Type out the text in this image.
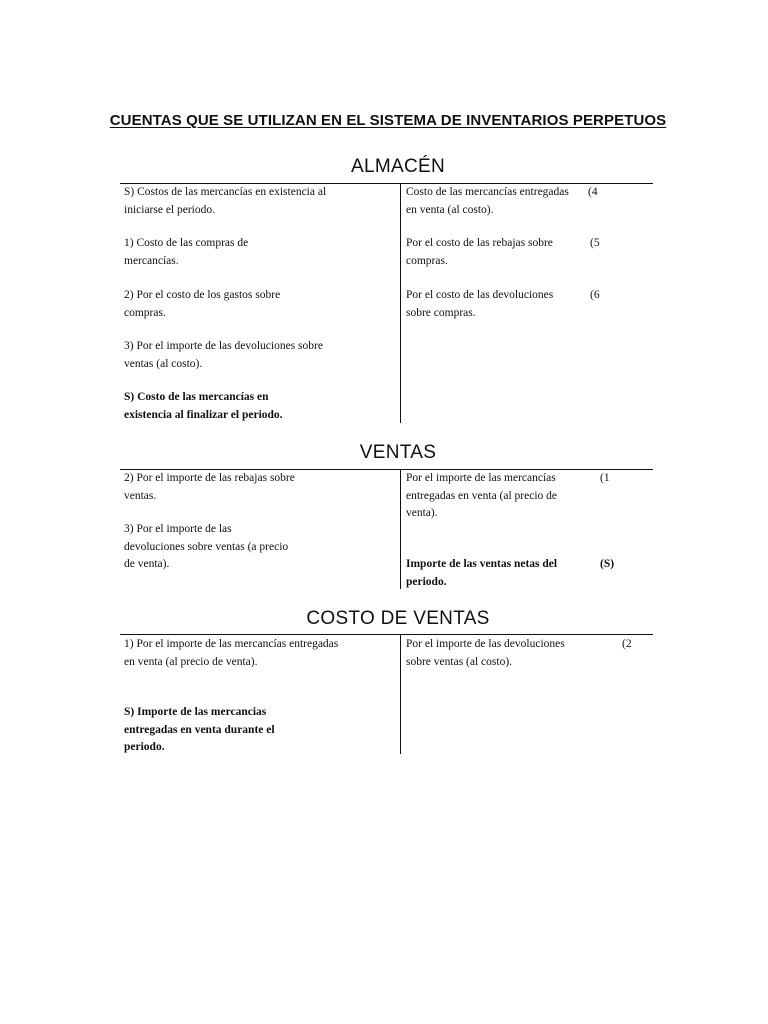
CUENTAS QUE SE UTILIZAN EN EL SISTEMA DE INVENTARIOS PERPETUOS
ALMACÉN
S) Costos de las mercancías en existencia al iniciarse el periodo.
1) Costo de las compras de mercancías.
2) Por el costo de los gastos sobre compras.
3) Por el importe de las devoluciones sobre ventas (al costo).
S) Costo de las mercancías en existencia al finalizar el periodo.
Costo de las mercancías entregadas en venta (al costo).
(4
Por el costo de las rebajas sobre compras.
(5
Por el costo de las devoluciones sobre compras.
(6
VENTAS
2) Por el importe de las rebajas sobre ventas.
3) Por el importe de las devoluciones sobre ventas (a precio de venta).
Por el importe de las mercancías entregadas en venta (al precio de venta).
(1
Importe de las ventas netas del periodo.
(S)
COSTO DE VENTAS
1) Por el importe de las mercancías entregadas en venta (al precio de venta).
S) Importe de las mercancias entregadas en venta durante el periodo.
Por el importe de las devoluciones sobre ventas (al costo).
(2
